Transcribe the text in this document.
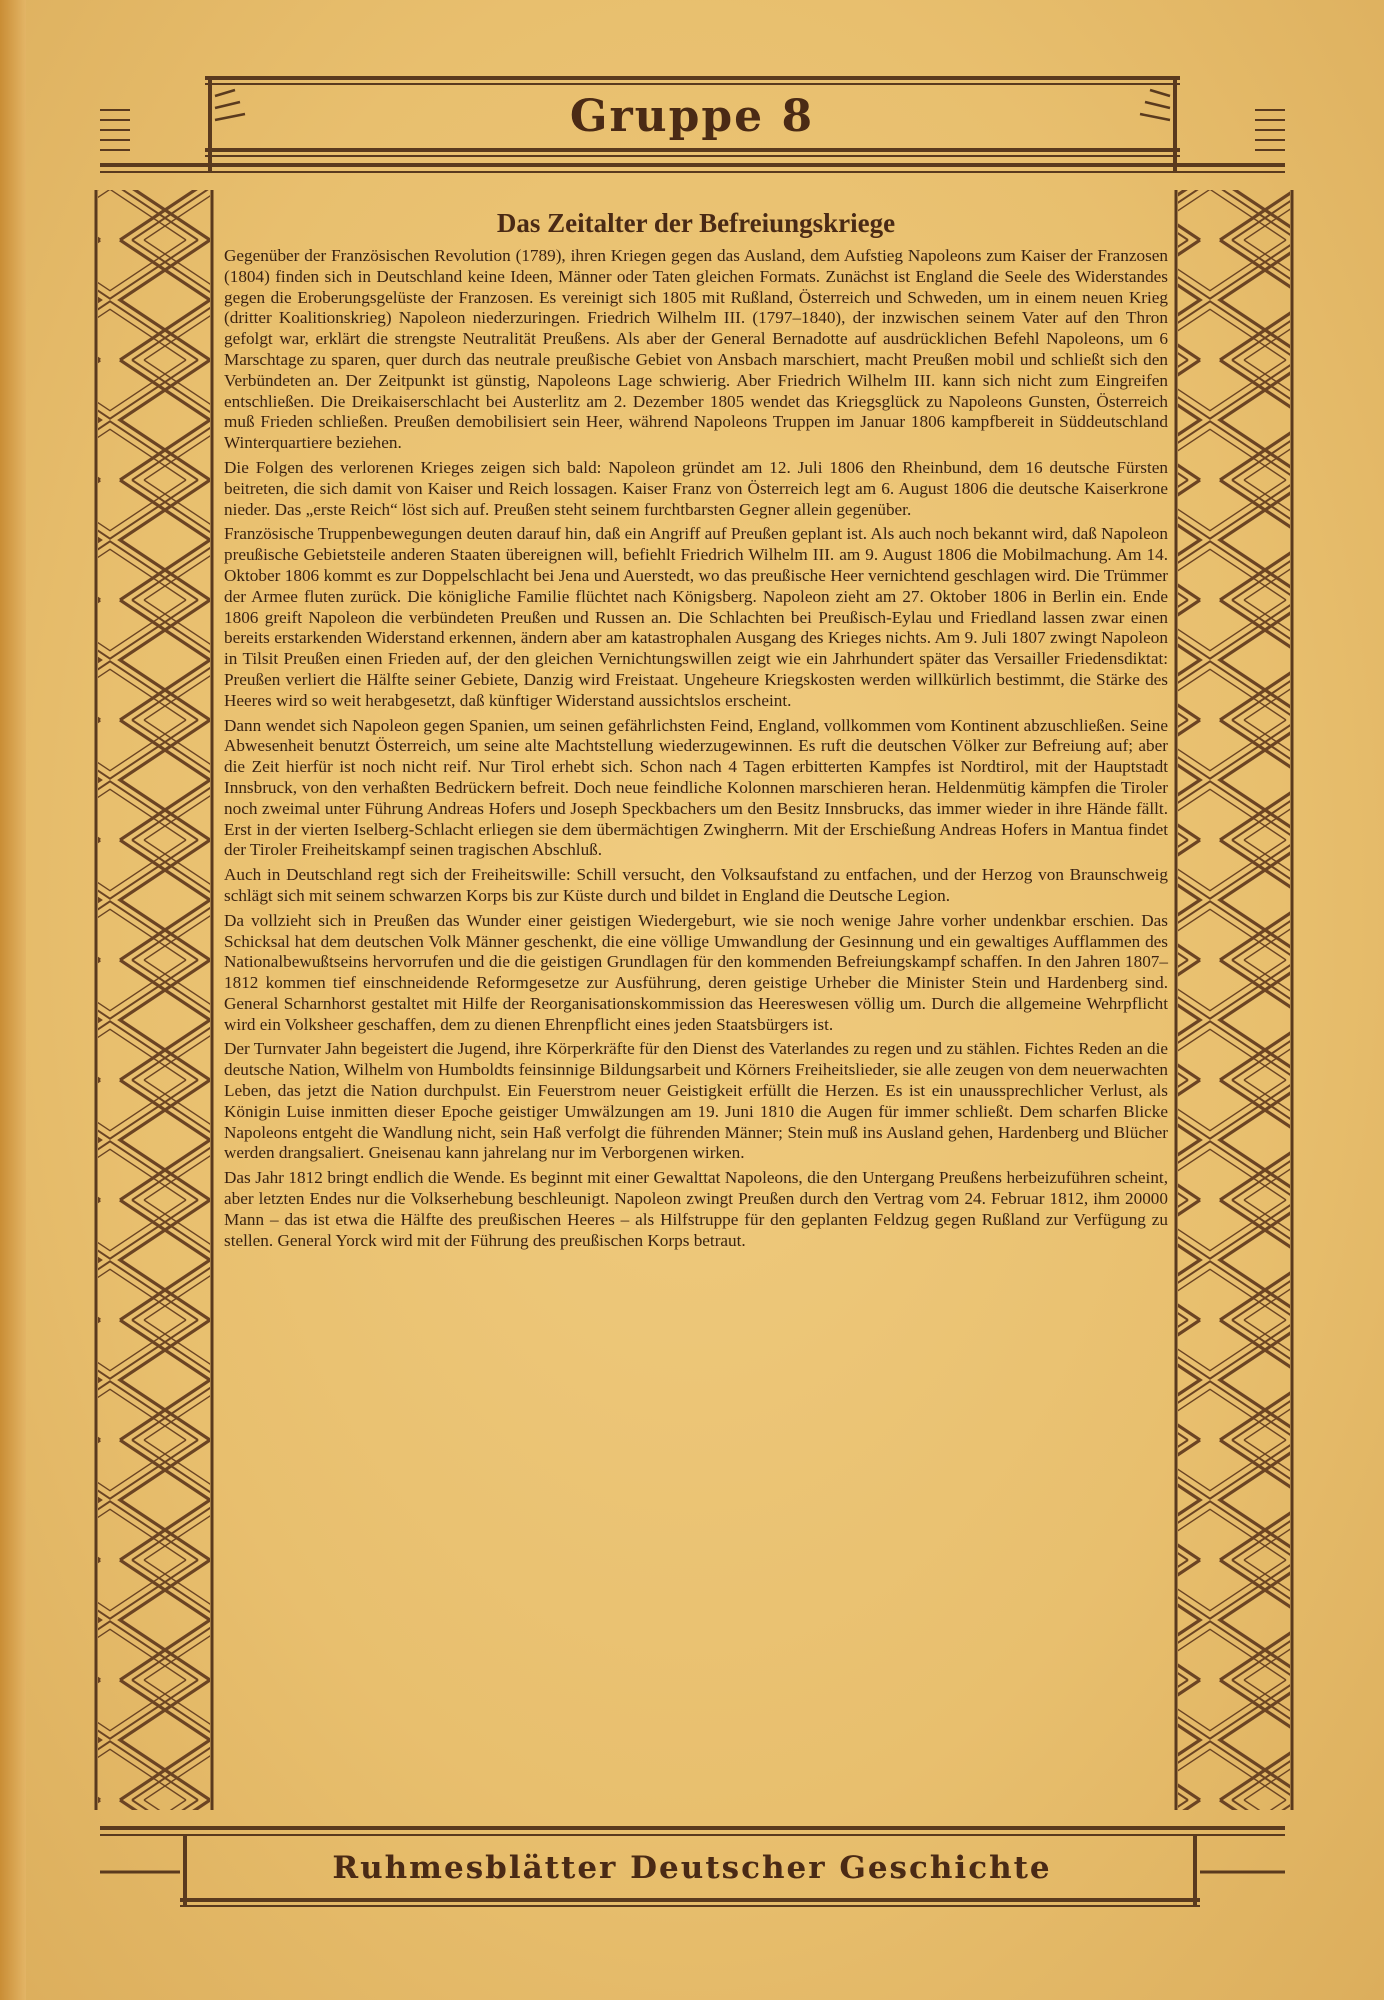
Gruppe 8
Das Zeitalter der Befreiungskriege

Gegenüber der Französischen Revolution (1789), ihren Kriegen gegen das Ausland, dem Aufstieg Napoleons zum Kaiser der Franzosen (1804) finden sich in Deutschland keine Ideen, Männer oder Taten gleichen Formats. Zunächst ist England die Seele des Widerstandes gegen die Eroberungsgelüste der Franzosen. Es vereinigt sich 1805 mit Rußland, Österreich und Schweden, um in einem neuen Krieg (dritter Koalitionskrieg) Napoleon niederzuringen. Friedrich Wilhelm III. (1797–1840), der inzwischen seinem Vater auf den Thron gefolgt war, erklärt die strengste Neutralität Preußens. Als aber der General Bernadotte auf ausdrücklichen Befehl Napoleons, um 6 Marschtage zu sparen, quer durch das neutrale preußische Gebiet von Ansbach marschiert, macht Preußen mobil und schließt sich den Verbündeten an. Der Zeitpunkt ist günstig, Napoleons Lage schwierig. Aber Friedrich Wilhelm III. kann sich nicht zum Eingreifen entschließen. Die Dreikaiserschlacht bei Austerlitz am 2. Dezember 1805 wendet das Kriegsglück zu Napoleons Gunsten, Österreich muß Frieden schließen. Preußen demobilisiert sein Heer, während Napoleons Truppen im Januar 1806 kampfbereit in Süddeutschland Winterquartiere beziehen.

Die Folgen des verlorenen Krieges zeigen sich bald: Napoleon gründet am 12. Juli 1806 den Rheinbund, dem 16 deutsche Fürsten beitreten, die sich damit von Kaiser und Reich lossagen. Kaiser Franz von Österreich legt am 6. August 1806 die deutsche Kaiserkrone nieder. Das „erste Reich“ löst sich auf. Preußen steht seinem furchtbarsten Gegner allein gegenüber.

Französische Truppenbewegungen deuten darauf hin, daß ein Angriff auf Preußen geplant ist. Als auch noch bekannt wird, daß Napoleon preußische Gebietsteile anderen Staaten übereignen will, befiehlt Friedrich Wilhelm III. am 9. August 1806 die Mobilmachung. Am 14. Oktober 1806 kommt es zur Doppelschlacht bei Jena und Auerstedt, wo das preußische Heer vernichtend geschlagen wird. Die Trümmer der Armee fluten zurück. Die königliche Familie flüchtet nach Königsberg. Napoleon zieht am 27. Oktober 1806 in Berlin ein. Ende 1806 greift Napoleon die verbündeten Preußen und Russen an. Die Schlachten bei Preußisch-Eylau und Friedland lassen zwar einen bereits erstarkenden Widerstand erkennen, ändern aber am katastrophalen Ausgang des Krieges nichts. Am 9. Juli 1807 zwingt Napoleon in Tilsit Preußen einen Frieden auf, der den gleichen Vernichtungswillen zeigt wie ein Jahrhundert später das Versailler Friedensdiktat: Preußen verliert die Hälfte seiner Gebiete, Danzig wird Freistaat. Ungeheure Kriegskosten werden willkürlich bestimmt, die Stärke des Heeres wird so weit herabgesetzt, daß künftiger Widerstand aussichtslos erscheint.

Dann wendet sich Napoleon gegen Spanien, um seinen gefährlichsten Feind, England, vollkommen vom Kontinent abzuschließen. Seine Abwesenheit benutzt Österreich, um seine alte Machtstellung wiederzugewinnen. Es ruft die deutschen Völker zur Befreiung auf; aber die Zeit hierfür ist noch nicht reif. Nur Tirol erhebt sich. Schon nach 4 Tagen erbitterten Kampfes ist Nordtirol, mit der Hauptstadt Innsbruck, von den verhaßten Bedrückern befreit. Doch neue feindliche Kolonnen marschieren heran. Heldenmütig kämpfen die Tiroler noch zweimal unter Führung Andreas Hofers und Joseph Speckbachers um den Besitz Innsbrucks, das immer wieder in ihre Hände fällt. Erst in der vierten Iselberg-Schlacht erliegen sie dem übermächtigen Zwingherrn. Mit der Erschießung Andreas Hofers in Mantua findet der Tiroler Freiheitskampf seinen tragischen Abschluß.

Auch in Deutschland regt sich der Freiheitswille: Schill versucht, den Volksaufstand zu entfachen, und der Herzog von Braunschweig schlägt sich mit seinem schwarzen Korps bis zur Küste durch und bildet in England die Deutsche Legion.

Da vollzieht sich in Preußen das Wunder einer geistigen Wiedergeburt, wie sie noch wenige Jahre vorher undenkbar erschien. Das Schicksal hat dem deutschen Volk Männer geschenkt, die eine völlige Umwandlung der Gesinnung und ein gewaltiges Aufflammen des Nationalbewußtseins hervorrufen und die die geistigen Grundlagen für den kommenden Befreiungskampf schaffen. In den Jahren 1807–1812 kommen tief einschneidende Reformgesetze zur Ausführung, deren geistige Urheber die Minister Stein und Hardenberg sind. General Scharnhorst gestaltet mit Hilfe der Reorganisationskommission das Heereswesen völlig um. Durch die allgemeine Wehrpflicht wird ein Volksheer geschaffen, dem zu dienen Ehrenpflicht eines jeden Staatsbürgers ist.

Der Turnvater Jahn begeistert die Jugend, ihre Körperkräfte für den Dienst des Vaterlandes zu regen und zu stählen. Fichtes Reden an die deutsche Nation, Wilhelm von Humboldts feinsinnige Bildungsarbeit und Körners Freiheitslieder, sie alle zeugen von dem neuerwachten Leben, das jetzt die Nation durchpulst. Ein Feuerstrom neuer Geistigkeit erfüllt die Herzen. Es ist ein unaussprechlicher Verlust, als Königin Luise inmitten dieser Epoche geistiger Umwälzungen am 19. Juni 1810 die Augen für immer schließt. Dem scharfen Blicke Napoleons entgeht die Wandlung nicht, sein Haß verfolgt die führenden Männer; Stein muß ins Ausland gehen, Hardenberg und Blücher werden drangsaliert. Gneisenau kann jahrelang nur im Verborgenen wirken.

Das Jahr 1812 bringt endlich die Wende. Es beginnt mit einer Gewalttat Napoleons, die den Untergang Preußens herbeizuführen scheint, aber letzten Endes nur die Volkserhebung beschleunigt. Napoleon zwingt Preußen durch den Vertrag vom 24. Februar 1812, ihm 20000 Mann – das ist etwa die Hälfte des preußischen Heeres – als Hilfstruppe für den geplanten Feldzug gegen Rußland zur Verfügung zu stellen. General Yorck wird mit der Führung des preußischen Korps betraut.

Ruhmesblätter Deutscher Geschichte
